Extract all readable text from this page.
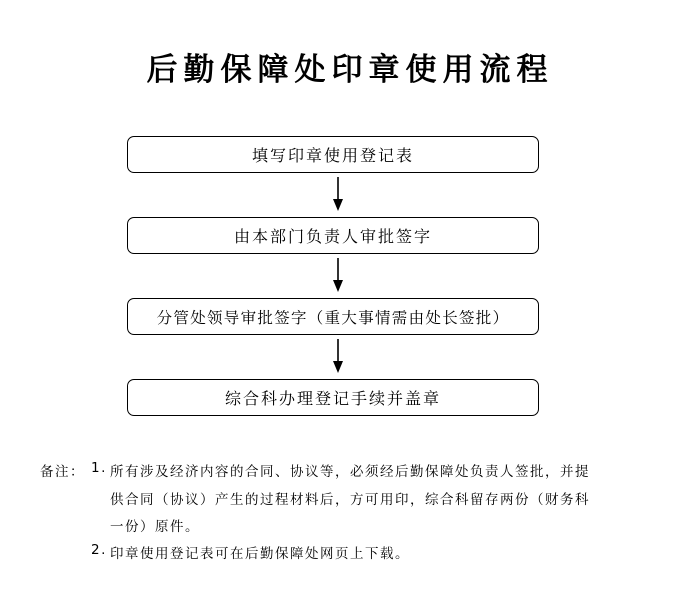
后勤保障处印章使用流程
填写印章使用登记表
由本部门负责人审批签字
分管处领导审批签字（重大事情需由处长签批）
综合科办理登记手续并盖章
备注： 1. 所有涉及经济内容的合同、协议等，必须经后勤保障处负责人签批，并提
供合同（协议）产生的过程材料后，方可用印，综合科留存两份（财务科
一份）原件。
2. 印章使用登记表可在后勤保障处网页上下载。
